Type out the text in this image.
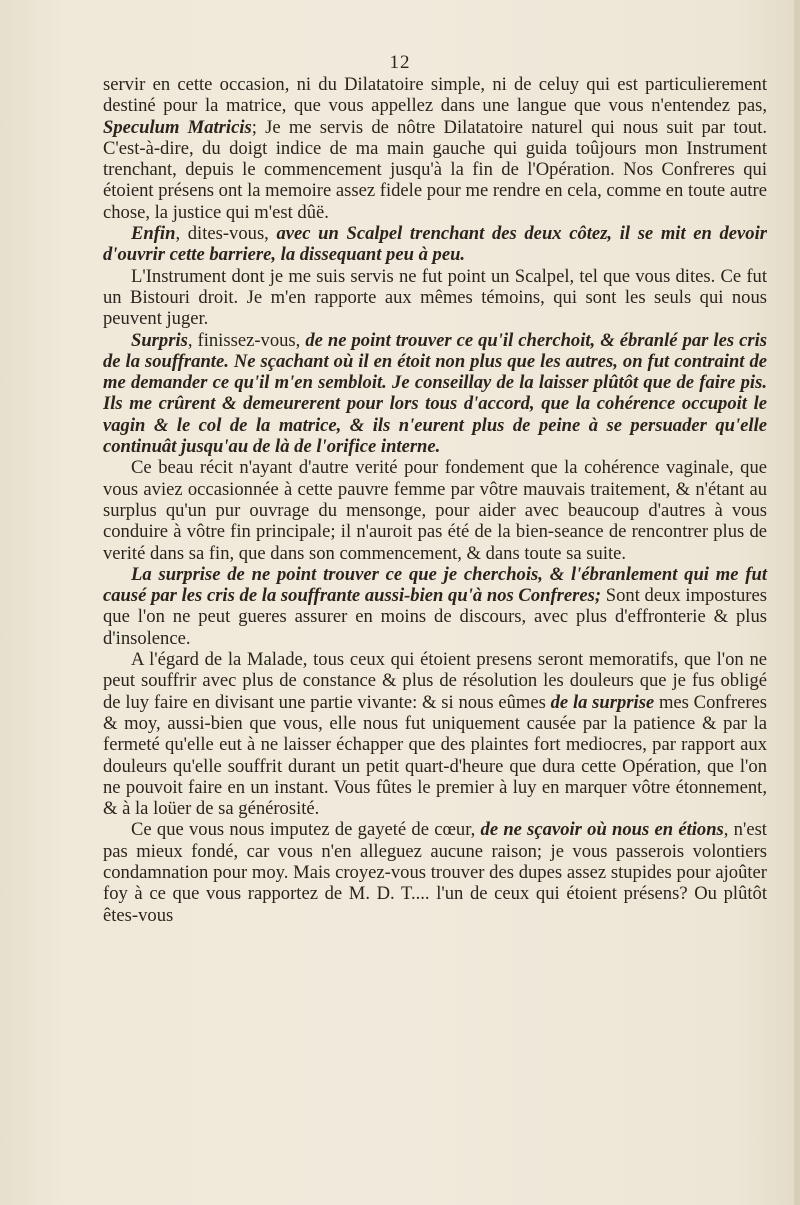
12

servir en cette occasion, ni du Dilatatoire simple, ni de celuy qui est particulierement destiné pour la matrice, que vous appellez dans une langue que vous n'entendez pas, Speculum Matricis; Je me servis de nôtre Dilatatoire naturel qui nous suit par tout. C'est-à-dire, du doigt indice de ma main gauche qui guida toûjours mon Instrument trenchant, depuis le commencement jusqu'à la fin de l'Opération. Nos Confreres qui étoient présens ont la memoire assez fidele pour me rendre en cela, comme en toute autre chose, la justice qui m'est dûë.

Enfin, dites-vous, avec un Scalpel trenchant des deux côtez, il se mit en devoir d'ouvrir cette barriere, la dissequant peu à peu.

L'Instrument dont je me suis servis ne fut point un Scalpel, tel que vous dites. Ce fut un Bistouri droit. Je m'en rapporte aux mêmes témoins, qui sont les seuls qui nous peuvent juger.

Surpris, finissez-vous, de ne point trouver ce qu'il cherchoit, & ébranlé par les cris de la souffrante. Ne sçachant où il en étoit non plus que les autres, on fut contraint de me demander ce qu'il m'en sembloit. Je conseillay de la laisser plûtôt que de faire pis. Ils me crûrent & demeurerent pour lors tous d'accord, que la cohérence occupoit le vagin & le col de la matrice, & ils n'eurent plus de peine à se persuader qu'elle continuât jusqu'au de là de l'orifice interne.

Ce beau récit n'ayant d'autre verité pour fondement que la cohérence vaginale, que vous aviez occasionnée à cette pauvre femme par vôtre mauvais traitement, & n'étant au surplus qu'un pur ouvrage du mensonge, pour aider avec beaucoup d'autres à vous conduire à vôtre fin principale; il n'auroit pas été de la bien-seance de rencontrer plus de verité dans sa fin, que dans son commencement, & dans toute sa suite.

La surprise de ne point trouver ce que je cherchois, & l'ébranlement qui me fut causé par les cris de la souffrante aussi-bien qu'à nos Confreres; Sont deux impostures que l'on ne peut gueres assurer en moins de discours, avec plus d'effronterie & plus d'insolence.

A l'égard de la Malade, tous ceux qui étoient presens seront memoratifs, que l'on ne peut souffrir avec plus de constance & plus de résolution les douleurs que je fus obligé de luy faire en divisant une partie vivante: & si nous eûmes de la surprise mes Confreres & moy, aussi-bien que vous, elle nous fut uniquement causée par la patience & par la fermeté qu'elle eut à ne laisser échapper que des plaintes fort mediocres, par rapport aux douleurs qu'elle souffrit durant un petit quart-d'heure que dura cette Opération, que l'on ne pouvoit faire en un instant. Vous fûtes le premier à luy en marquer vôtre étonnement, & à la loüer de sa générosité.

Ce que vous nous imputez de gayeté de cœur, de ne sçavoir où nous en étions, n'est pas mieux fondé, car vous n'en alleguez aucune raison; je vous passerois volontiers condamnation pour moy. Mais croyez-vous trouver des dupes assez stupides pour ajoûter foy à ce que vous rapportez de M. D. T.... l'un de ceux qui étoient présens? Ou plûtôt êtes-vous
